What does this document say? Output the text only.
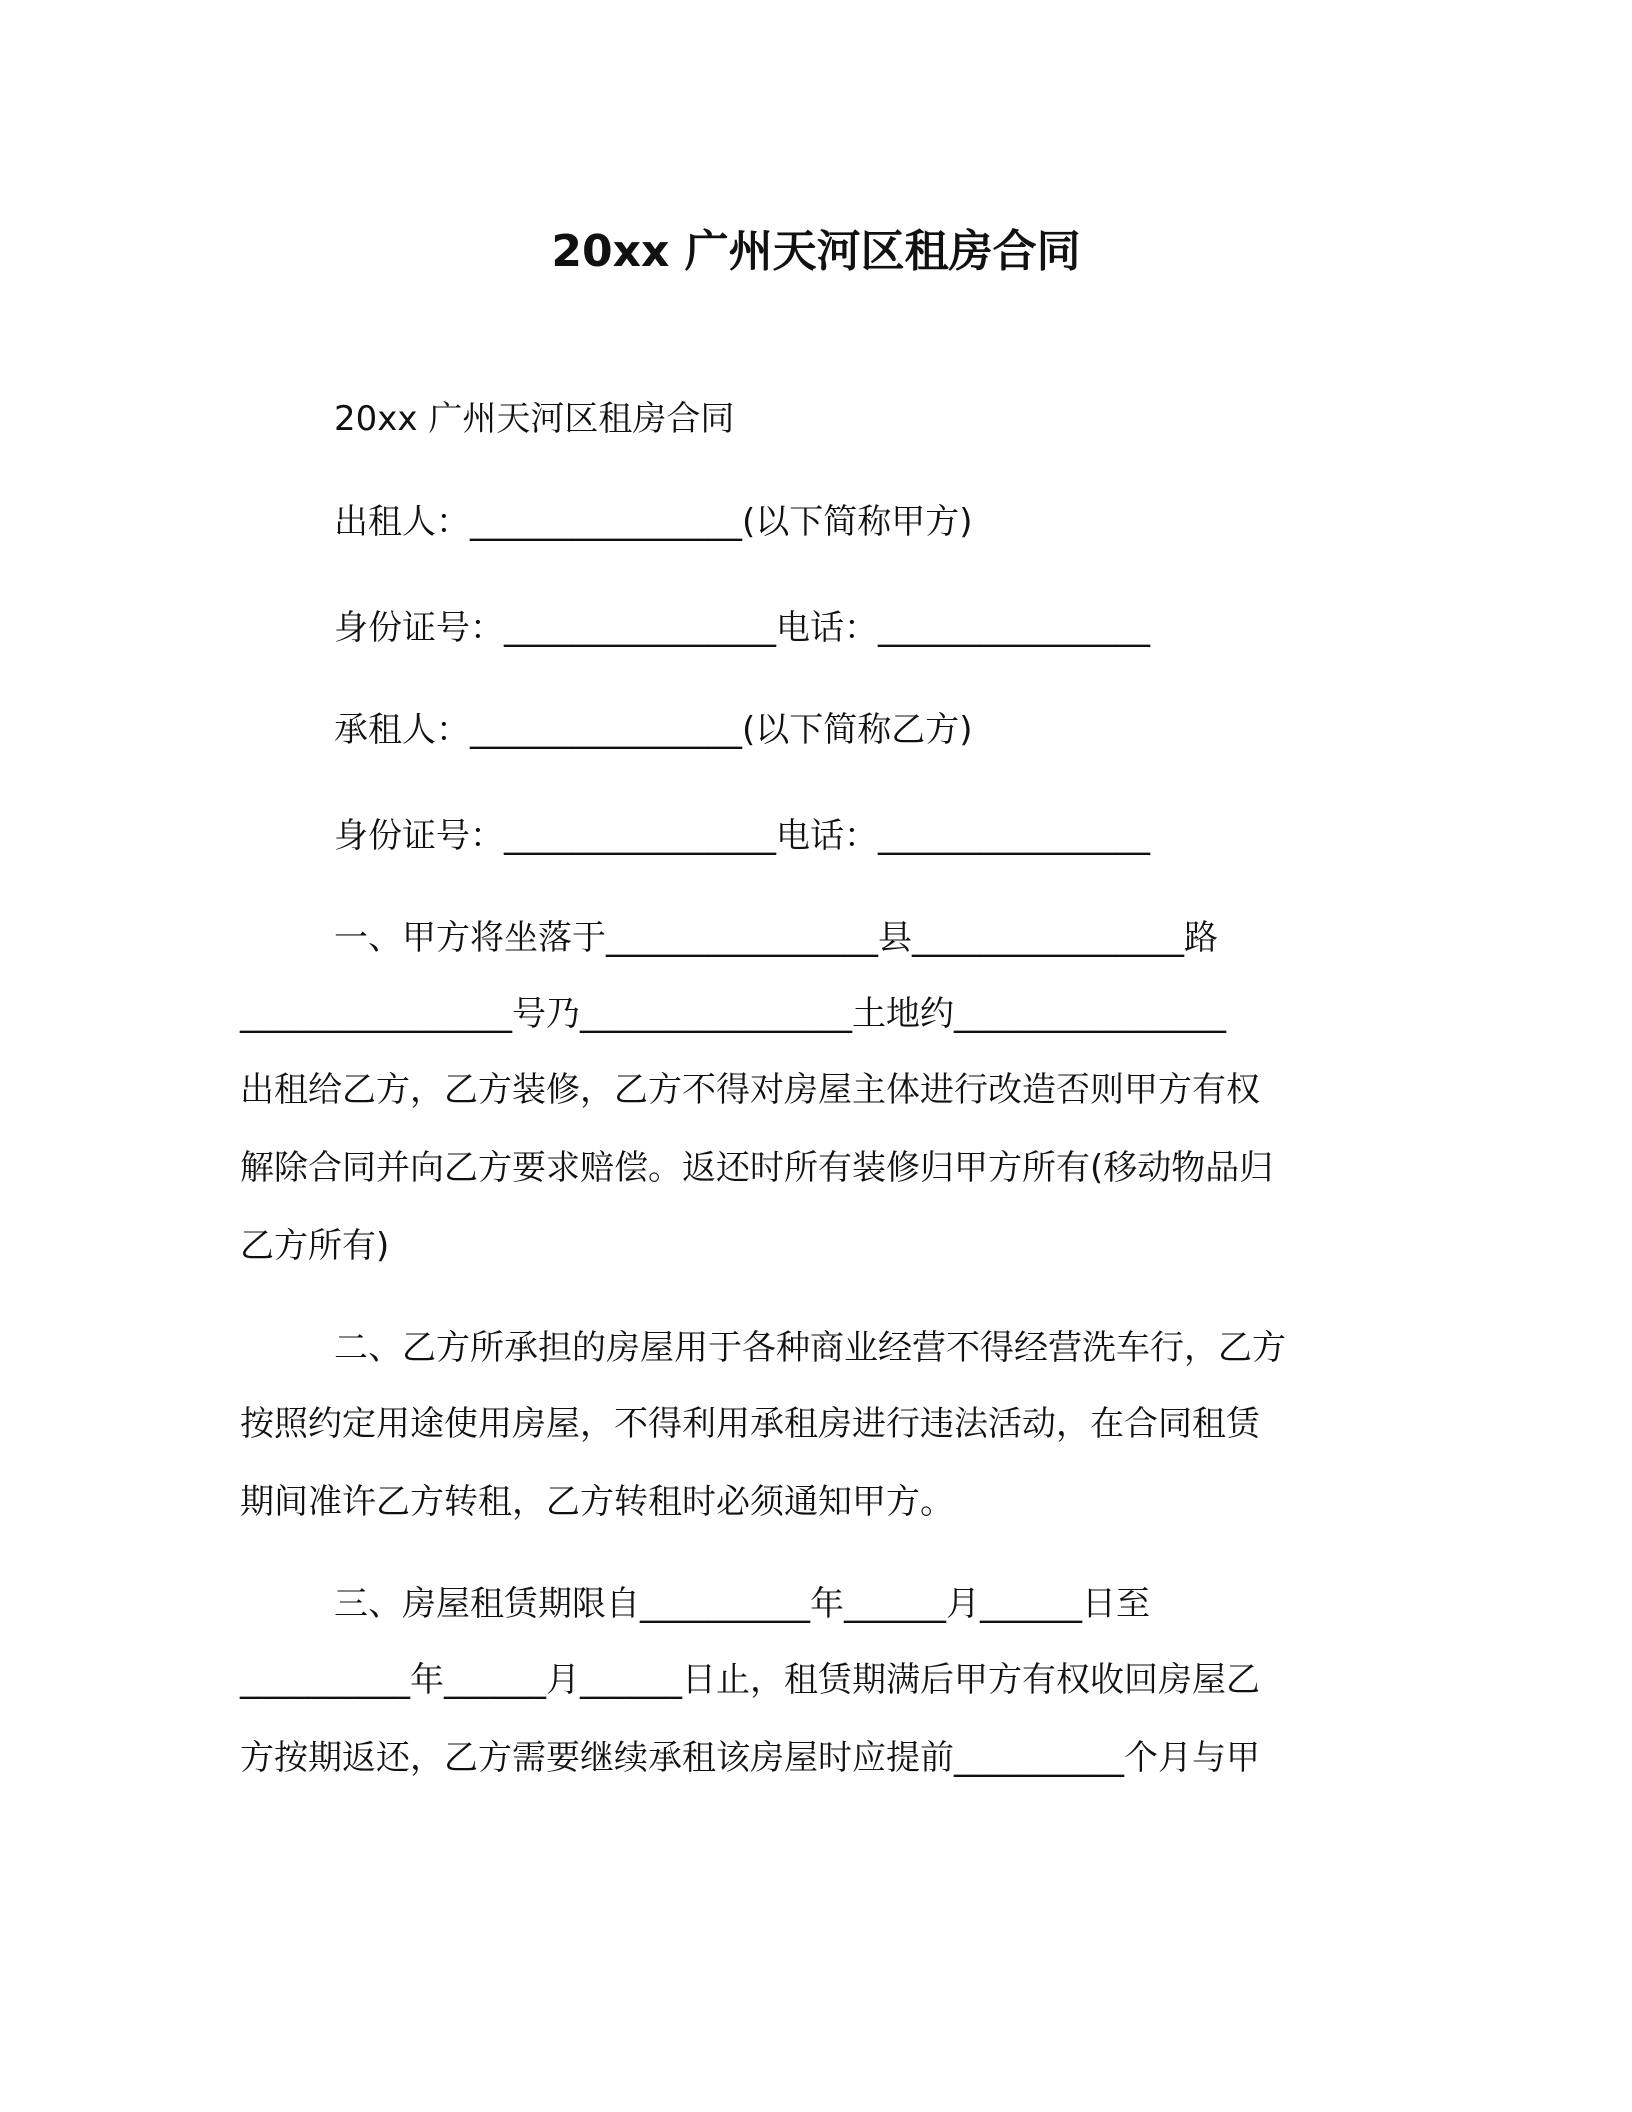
20xx 广州天河区租房合同

20xx 广州天河区租房合同

出租人：________________(以下简称甲方)

身份证号：________________电话：________________

承租人：________________(以下简称乙方)

身份证号：________________电话：________________

一、甲方将坐落于________________县________________路

________________号乃________________土地约________________

出租给乙方，乙方装修，乙方不得对房屋主体进行改造否则甲方有权

解除合同并向乙方要求赔偿。返还时所有装修归甲方所有(移动物品归

乙方所有)

二、乙方所承担的房屋用于各种商业经营不得经营洗车行，乙方

按照约定用途使用房屋，不得利用承租房进行违法活动，在合同租赁

期间准许乙方转租，乙方转租时必须通知甲方。

三、房屋租赁期限自__________年______月______日至

__________年______月______日止，租赁期满后甲方有权收回房屋乙

方按期返还，乙方需要继续承租该房屋时应提前__________个月与甲
